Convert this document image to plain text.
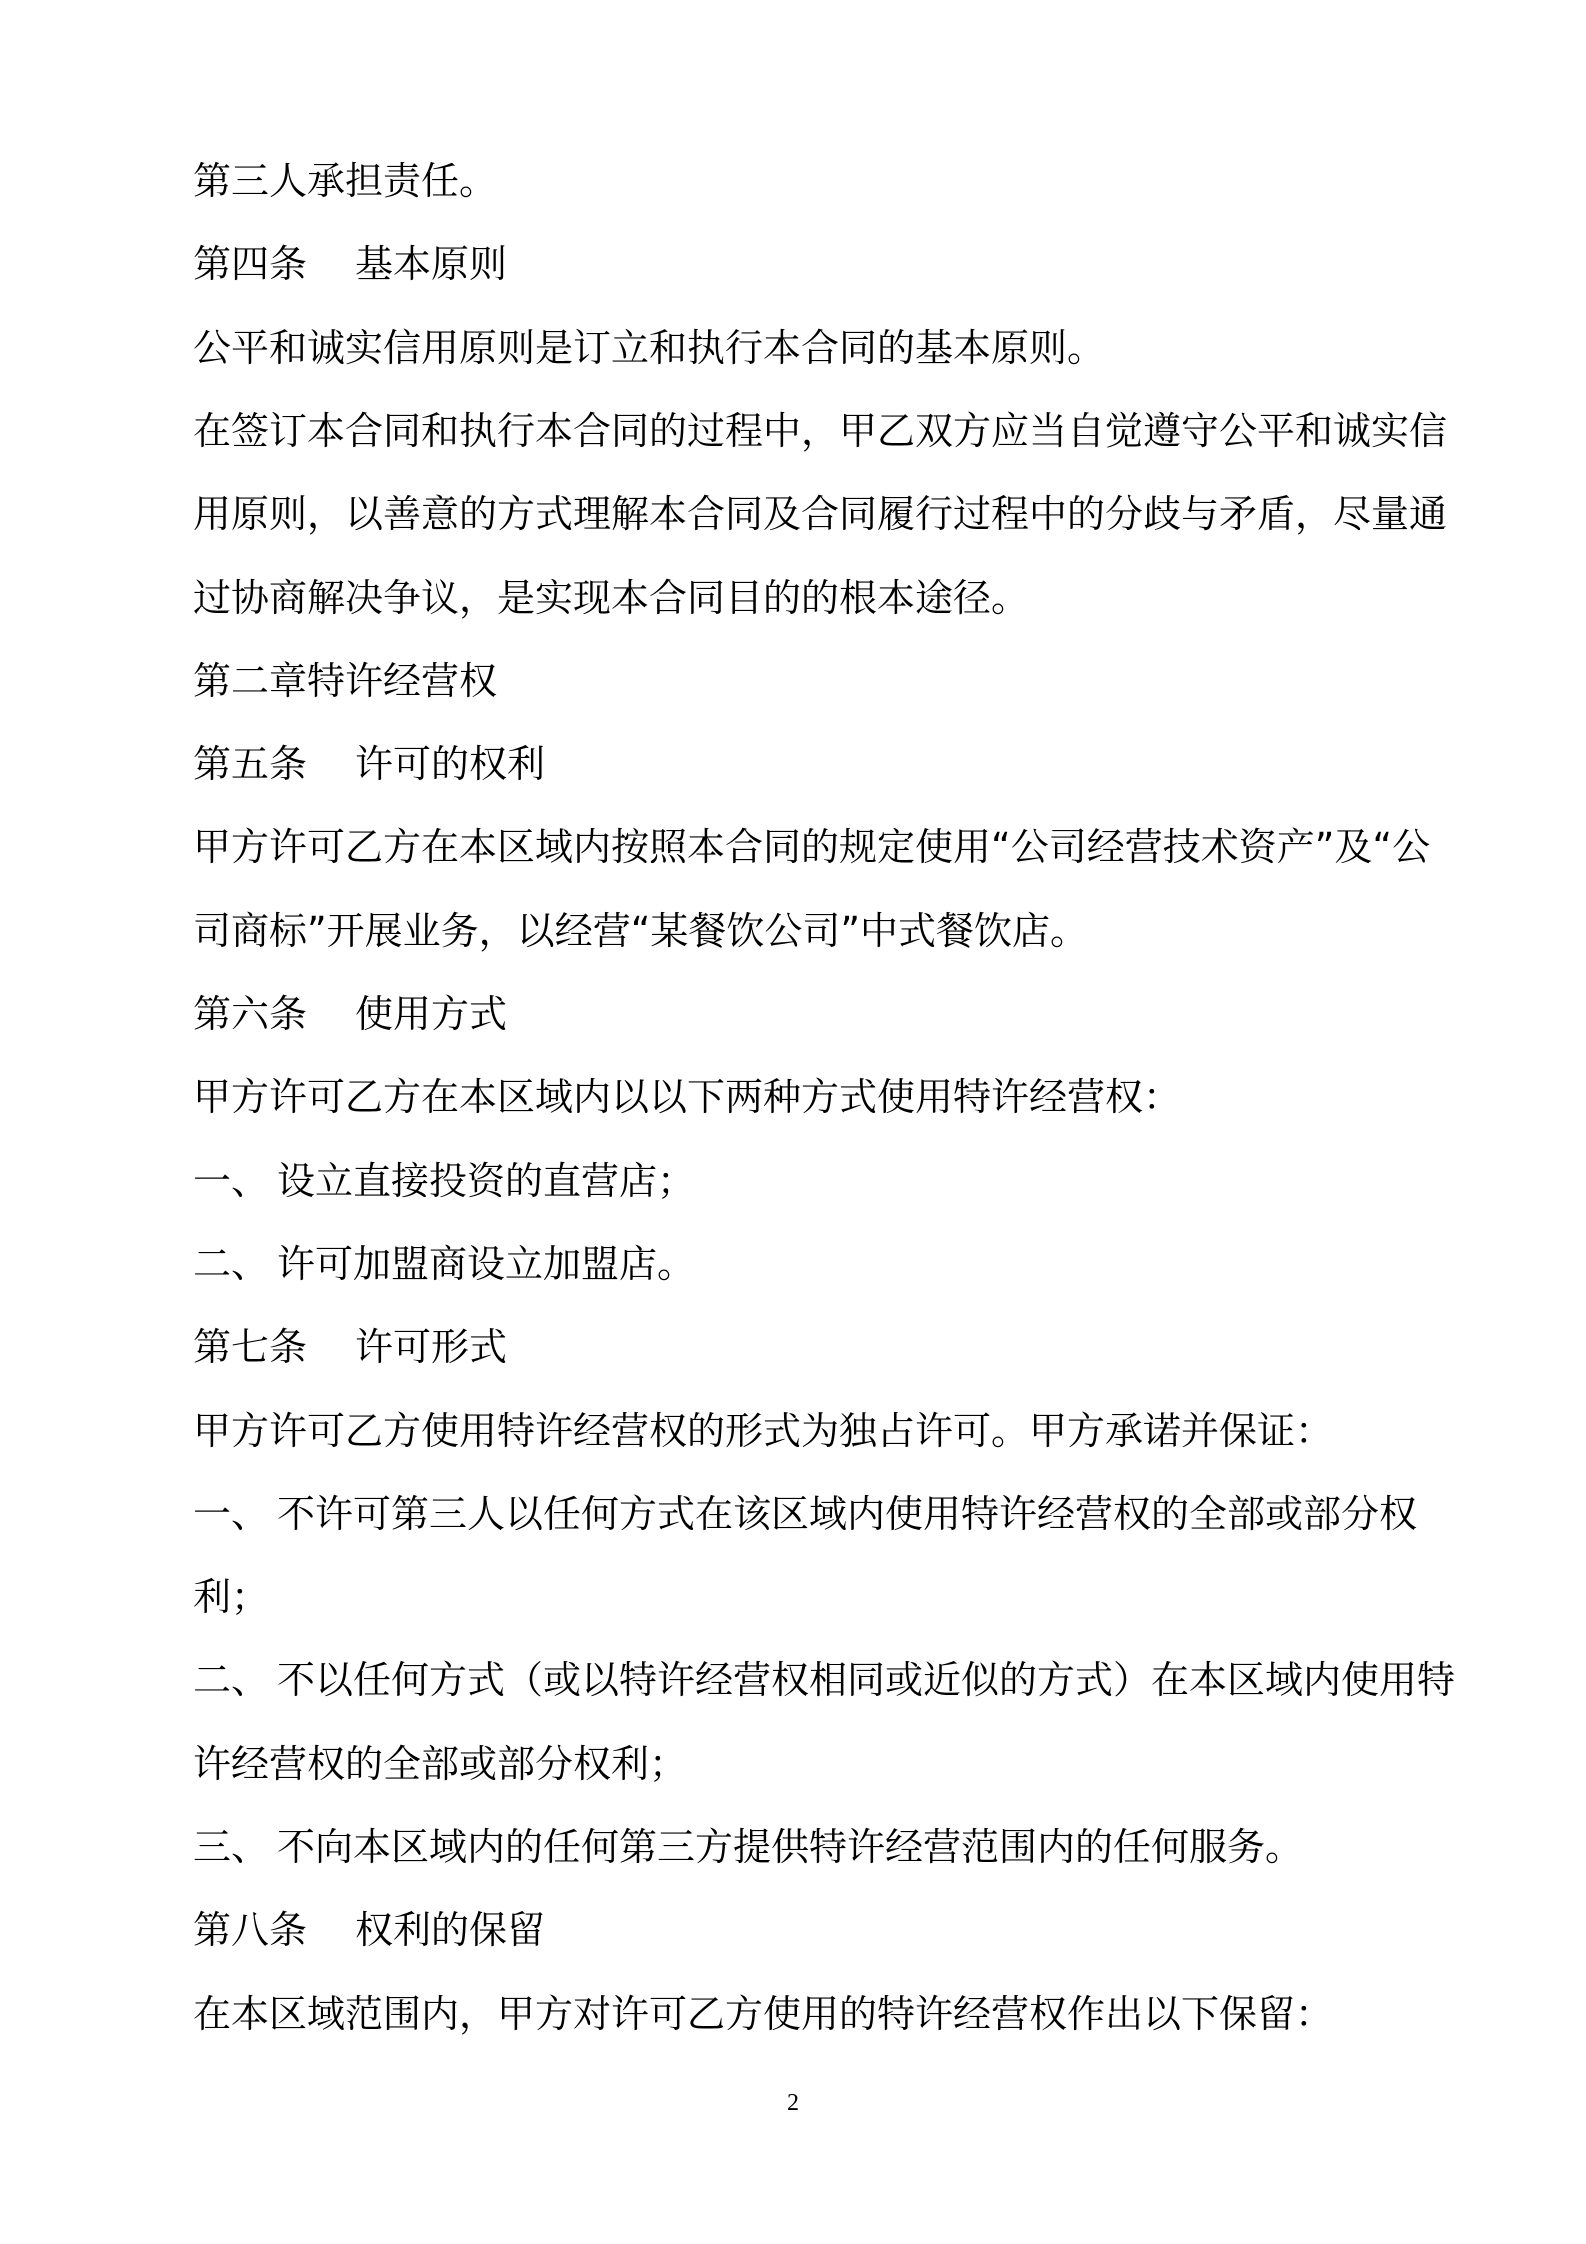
第三人承担责任。
第四条 基本原则
公平和诚实信用原则是订立和执行本合同的基本原则。
在签订本合同和执行本合同的过程中，甲乙双方应当自觉遵守公平和诚实信
用原则，以善意的方式理解本合同及合同履行过程中的分歧与矛盾，尽量通
过协商解决争议，是实现本合同目的的根本途径。
第二章特许经营权
第五条 许可的权利
甲方许可乙方在本区域内按照本合同的规定使用“公司经营技术资产”及“公
司商标”开展业务，以经营“某餐饮公司”中式餐饮店。
第六条 使用方式
甲方许可乙方在本区域内以以下两种方式使用特许经营权：
一、 设立直接投资的直营店；
二、 许可加盟商设立加盟店。
第七条 许可形式
甲方许可乙方使用特许经营权的形式为独占许可。甲方承诺并保证：
一、 不许可第三人以任何方式在该区域内使用特许经营权的全部或部分权
利；
二、 不以任何方式（或以特许经营权相同或近似的方式）在本区域内使用特
许经营权的全部或部分权利；
三、 不向本区域内的任何第三方提供特许经营范围内的任何服务。
第八条 权利的保留
在本区域范围内，甲方对许可乙方使用的特许经营权作出以下保留：
2
